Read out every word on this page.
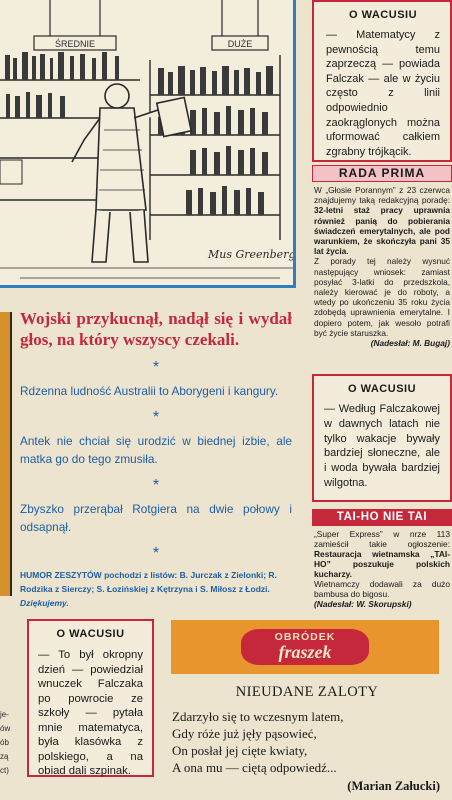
ŚREDNIE	DUŻE
Mus Greenberg
je-
ów
ób
zą
ct)
Wojski przykucnął, nadął się i wydał głos, na który wszyscy czekali.
*

Rdzenna ludność Australii to Aborygeni i kangury.

*

Antek nie chciał się urodzić w biednej izbie, ale matka go do tego zmusiła.

*

Zbyszko przerąbał Rotgiera na dwie połowy i odsapnął.

*
HUMOR ZESZYTÓW pochodzi z listów: B. Jurczak z Zielonki; R. Rodzika z Sierczy; S. Łozińskiej z Kętrzyna i S. Miłosz z Łodzi. Dziękujemy.
O WACUSIU
— Matematycy z pewnością temu zaprzeczą — powiada Falczak — ale w życiu często z linii odpowiednio zaokrąglonych można uformować całkiem zgrabny trójkącik.
RADA PRIMA
W „Głosie Porannym” z 23 czerwca znajdujemy taką redakcyjną poradę: 32-letni staż pracy uprawnia również panią do pobierania świadczeń emerytalnych, ale pod warunkiem, że skończyła pani 35 lat życia.
Z porady tej należy wysnuć następujący wniosek: zamiast posyłać 3-latki do przedszkola, należy kierować je do roboty, a wtedy po ukończeniu 35 roku życia zdobędą uprawnienia emerytalne. I dopiero potem, jak wesoło potrafi być życie staruszka.
(Nadesłał: M. Bugaj)
O WACUSIU
— Według Falczakowej w dawnych latach nie tylko wakacje bywały bardziej słoneczne, ale i woda bywała bardziej wilgotna.
TAI-HO NIE TAI
„Super Express” w nrze 113 zamieścił takie ogłoszenie: Restauracja wietnamska „TAI-HO” poszukuje polskich kucharzy.
Wietnamczy dodawali za dużo bambusa do bigosu.
(Nadesłał: W. Skorupski)
O WACUSIU
— To był okropny dzień — powiedział wnuczek Falczaka po powrocie ze szkoły — pytała mnie matematyca, była klasówka z polskiego, a na obiad dali szpinak.
OBRÓDEK
fraszek
NIEUDANE ZALOTY
Zdarzyło się to wczesnym latem,
Gdy róże już jęły pąsowieć,
On posłał jej cięte kwiaty,
A ona mu — ciętą odpowiedź...
(Marian Załucki)
